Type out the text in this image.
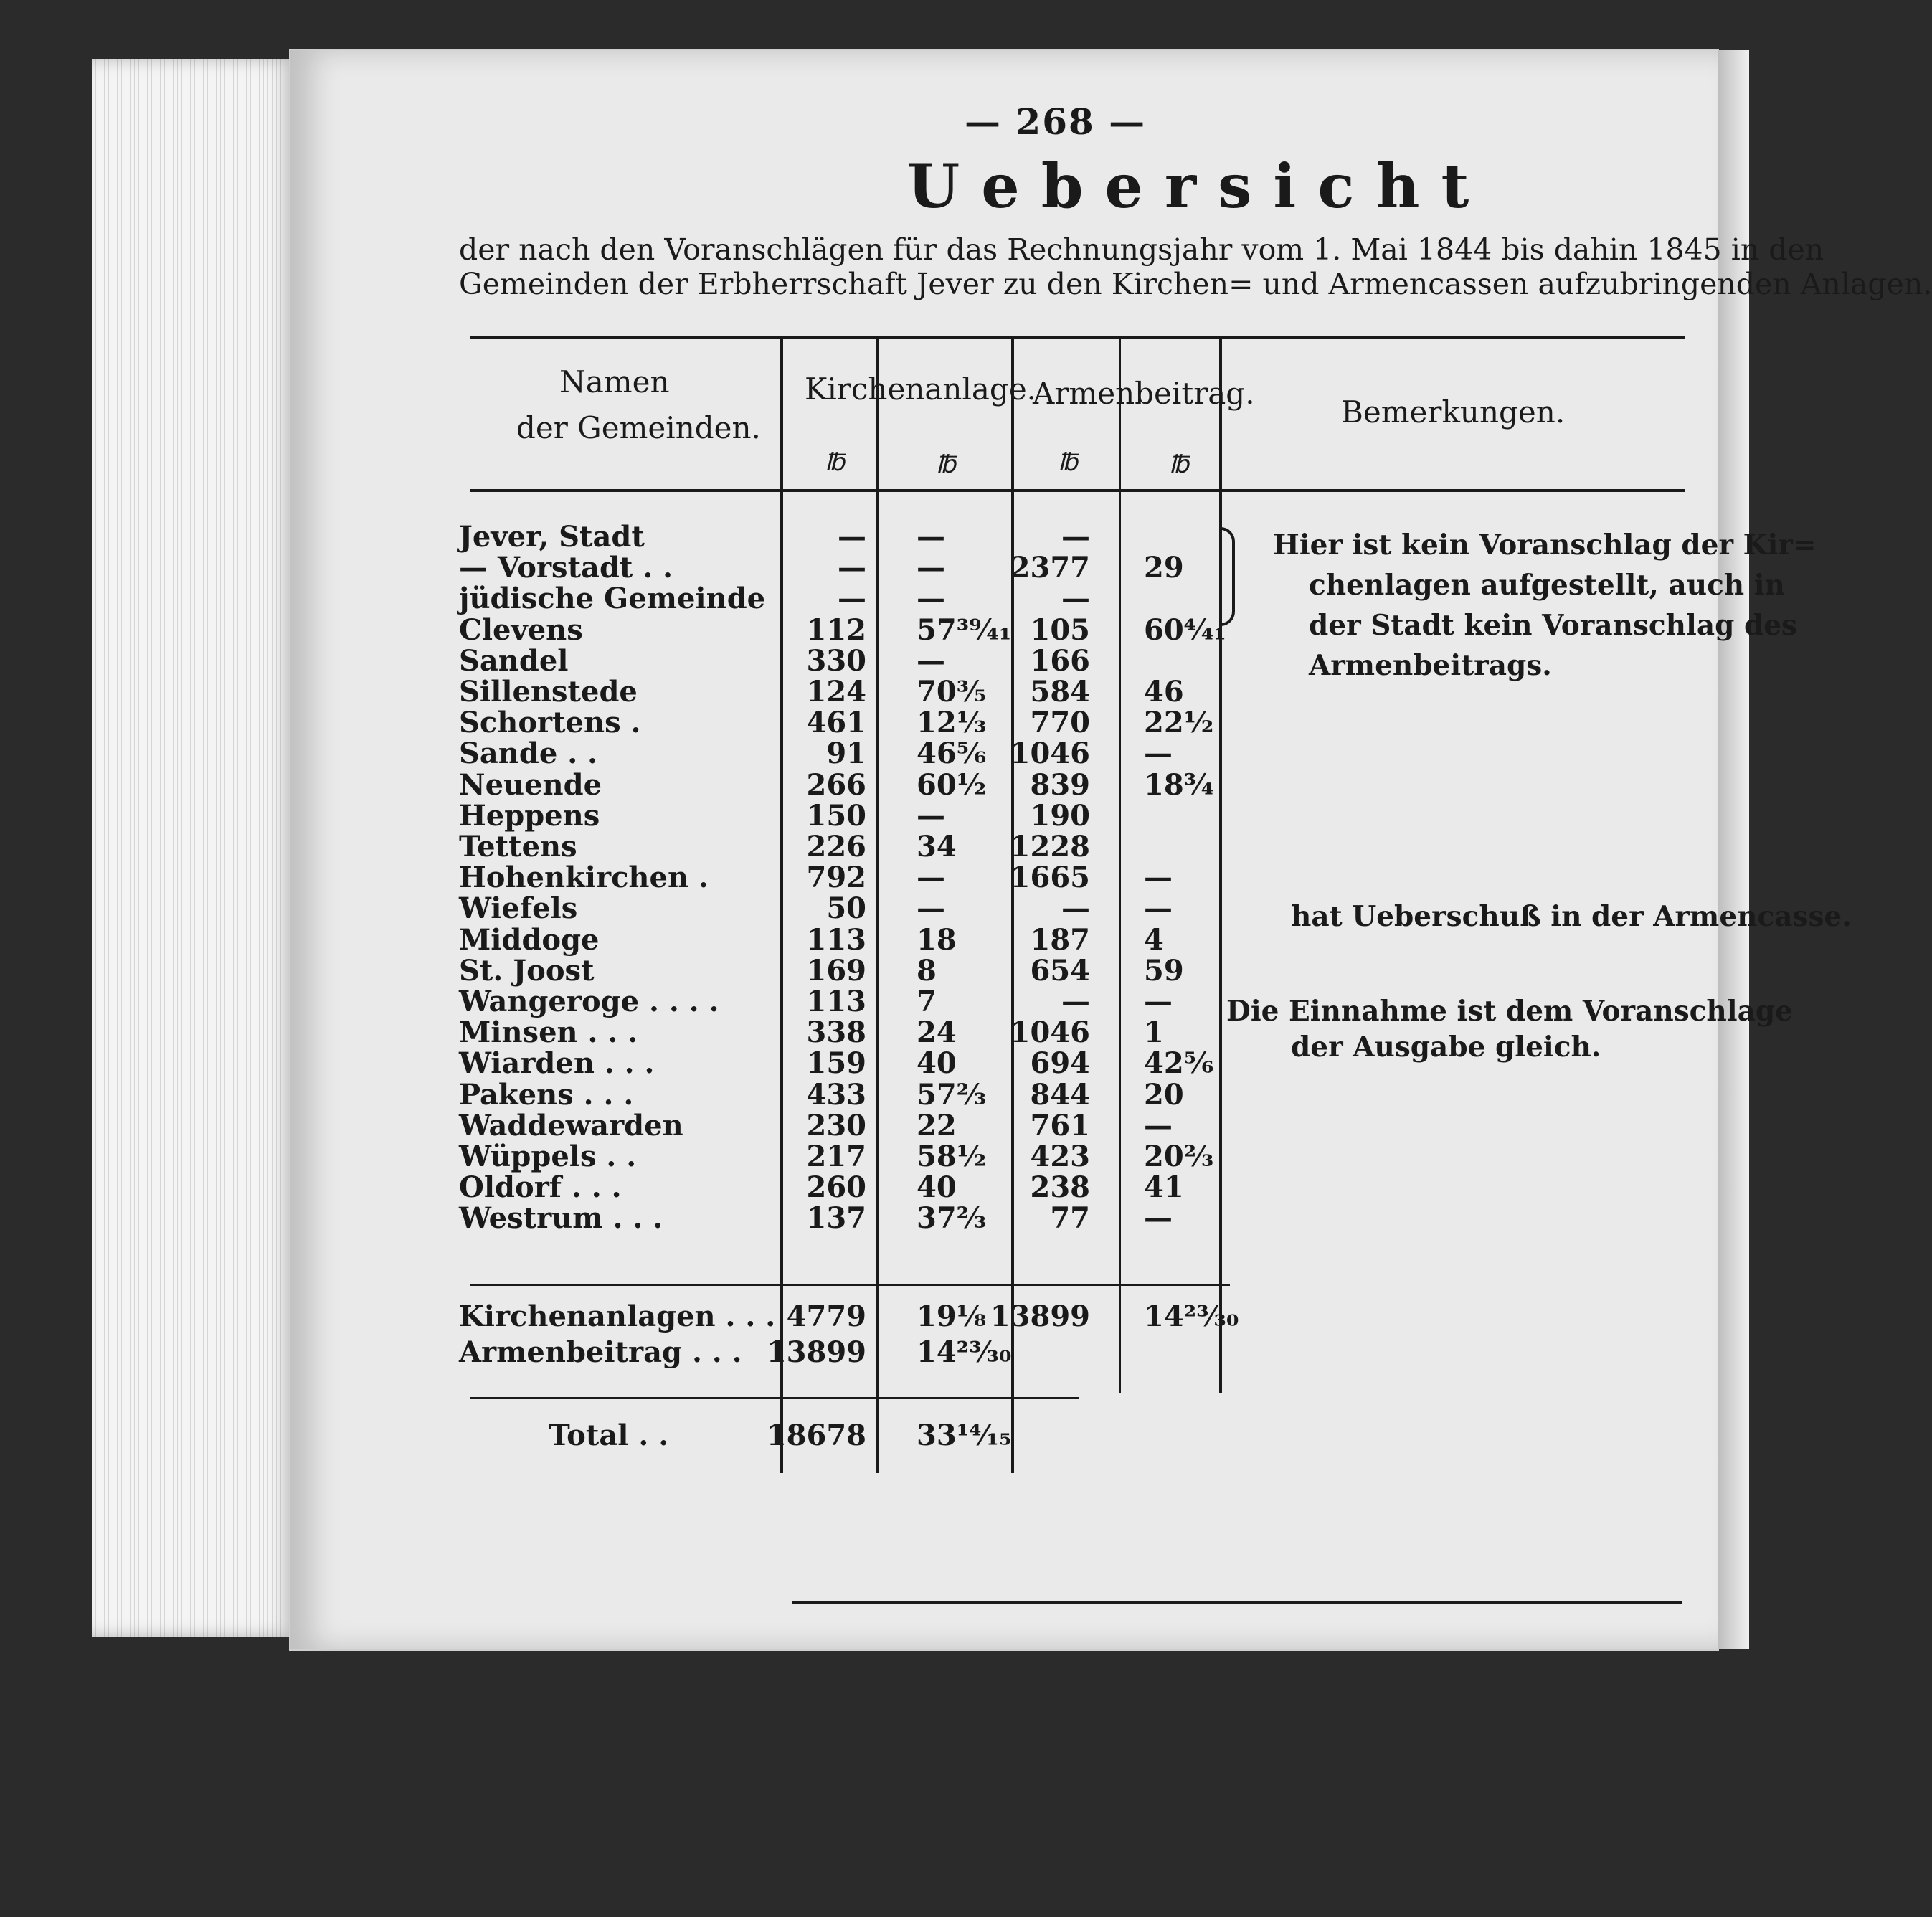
— 268 —
Uebersicht
der nach den Voranschlägen für das Rechnungsjahr vom 1. Mai 1844 bis dahin 1845 in den
Gemeinden der Erbherrschaft Jever zu den Kirchen= und Armencassen aufzubringenden Anlagen.
Namen
der Gemeinden.
Kirchenanlage.
Armenbeitrag.
Bemerkungen.
℔	℔	℔	℔
Jever, Stadt	— —	—
— Vorstadt . .	— —	2377 29
jüdische Gemeinde	— —	—
Clevens	112 57³⁹⁄₄₁ 105 60⁴⁄₄₁
Sandel	330 —	166
Sillenstede	124 70³⁄₅	584 46
Schortens .	461 12¹⁄₃	770 22½
Sande . .	91 46⁵⁄₆ 1046 —
Neuende	266 60½	839 18¾
Heppens	150 —	190
Tettens	226 34	1228
Hohenkirchen .	792 —	1665 —
Wiefels	50 —	— —
Middoge	113 18	187 4
St. Joost	169 8	654 59
Wangeroge . . . .	113 7	— —
Minsen . . .	338 24	1046 1
Wiarden . . .	159 40	694 42⁵⁄₆
Pakens . . .	433 57⅔	844 20
Waddewarden	230 22	761 —
Wüppels . .	217 58½	423 20⅔
Oldorf . . .	260 40	238 41
Westrum . . .	137 37⅔	77 —
Kirchenanlagen . . . 4779 19⅛ 13899 14²³⁄₃₀
Armenbeitrag . . . 13899 14²³⁄₃₀
Total . .	18678 33¹⁴⁄₁₅
Hier ist kein Voranschlag der Kir=
chenlagen aufgestellt, auch in
der Stadt kein Voranschlag des
Armenbeitrags.
hat Ueberschuß in der Armencasse.
Die Einnahme ist dem Voranschlage
der Ausgabe gleich.
